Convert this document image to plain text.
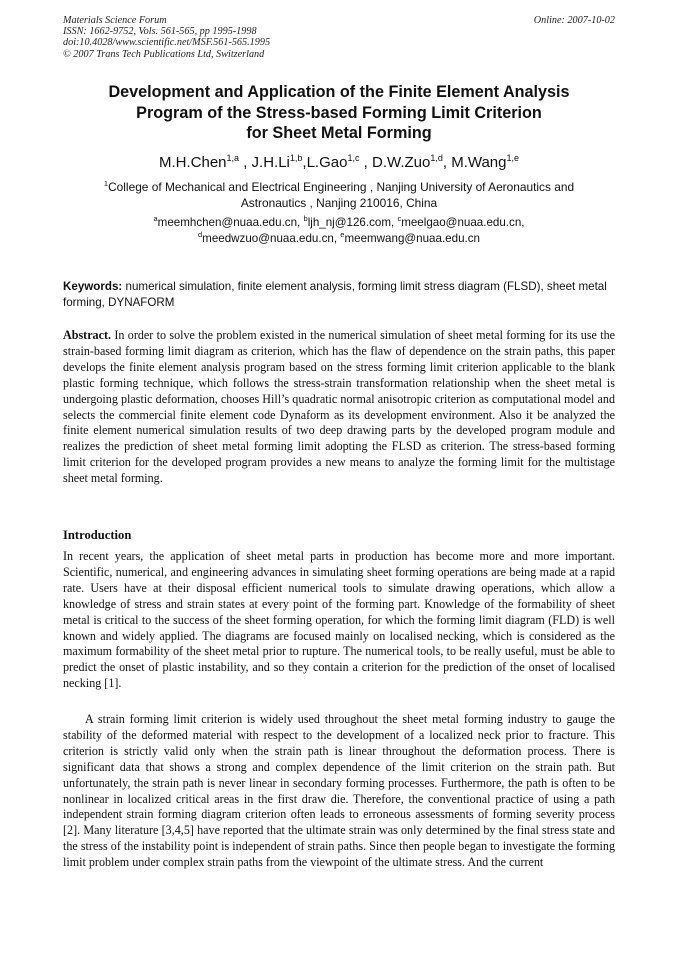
Materials Science Forum
ISSN: 1662-9752, Vols. 561-565, pp 1995-1998
doi:10.4028/www.scientific.net/MSF.561-565.1995
© 2007 Trans Tech Publications Ltd, Switzerland
Online: 2007-10-02
Development and Application of the Finite Element Analysis
Program of the Stress-based Forming Limit Criterion
for Sheet Metal Forming
M.H.Chen$^{1,a}$ , J.H.Li$^{1,b}$,L.Gao$^{1,c}$ , D.W.Zuo$^{1,d}$, M.Wang$^{1,e}$
$^1$College of Mechanical and Electrical Engineering , Nanjing University of Aeronautics and
Astronautics , Nanjing 210016, China
$^a$meemhchen@nuaa.edu.cn, $^b$ljh_nj@126.com, $^c$meelgao@nuaa.edu.cn,
$^d$meedwzuo@nuaa.edu.cn, $^e$meemwang@nuaa.edu.cn
Keywords: numerical simulation, finite element analysis, forming limit stress diagram (FLSD), sheet metal forming, DYNAFORM
Abstract. In order to solve the problem existed in the numerical simulation of sheet metal forming for its use the strain-based forming limit diagram as criterion, which has the flaw of dependence on the strain paths, this paper develops the finite element analysis program based on the stress forming limit criterion applicable to the blank plastic forming technique, which follows the stress-strain transformation relationship when the sheet metal is undergoing plastic deformation, chooses Hill’s quadratic normal anisotropic criterion as computational model and selects the commercial finite element code Dynaform as its development environment. Also it be analyzed the finite element numerical simulation results of two deep drawing parts by the developed program module and realizes the prediction of sheet metal forming limit adopting the FLSD as criterion. The stress-based forming limit criterion for the developed program provides a new means to analyze the forming limit for the multistage sheet metal forming.
Introduction
In recent years, the application of sheet metal parts in production has become more and more important. Scientific, numerical, and engineering advances in simulating sheet forming operations are being made at a rapid rate. Users have at their disposal efficient numerical tools to simulate drawing operations, which allow a knowledge of stress and strain states at every point of the forming part. Knowledge of the formability of sheet metal is critical to the success of the sheet forming operation, for which the forming limit diagram (FLD) is well known and widely applied. The diagrams are focused mainly on localised necking, which is considered as the maximum formability of the sheet metal prior to rupture. The numerical tools, to be really useful, must be able to predict the onset of plastic instability, and so they contain a criterion for the prediction of the onset of localised necking [1].
A strain forming limit criterion is widely used throughout the sheet metal forming industry to gauge the stability of the deformed material with respect to the development of a localized neck prior to fracture. This criterion is strictly valid only when the strain path is linear throughout the deformation process. There is significant data that shows a strong and complex dependence of the limit criterion on the strain path. But unfortunately, the strain path is never linear in secondary forming processes. Furthermore, the path is often to be nonlinear in localized critical areas in the first draw die. Therefore, the conventional practice of using a path independent strain forming diagram criterion often leads to erroneous assessments of forming severity process [2]. Many literature [3,4,5] have reported that the ultimate strain was only determined by the final stress state and the stress of the instability point is independent of strain paths. Since then people began to investigate the forming limit problem under complex strain paths from the viewpoint of the ultimate stress. And the current
